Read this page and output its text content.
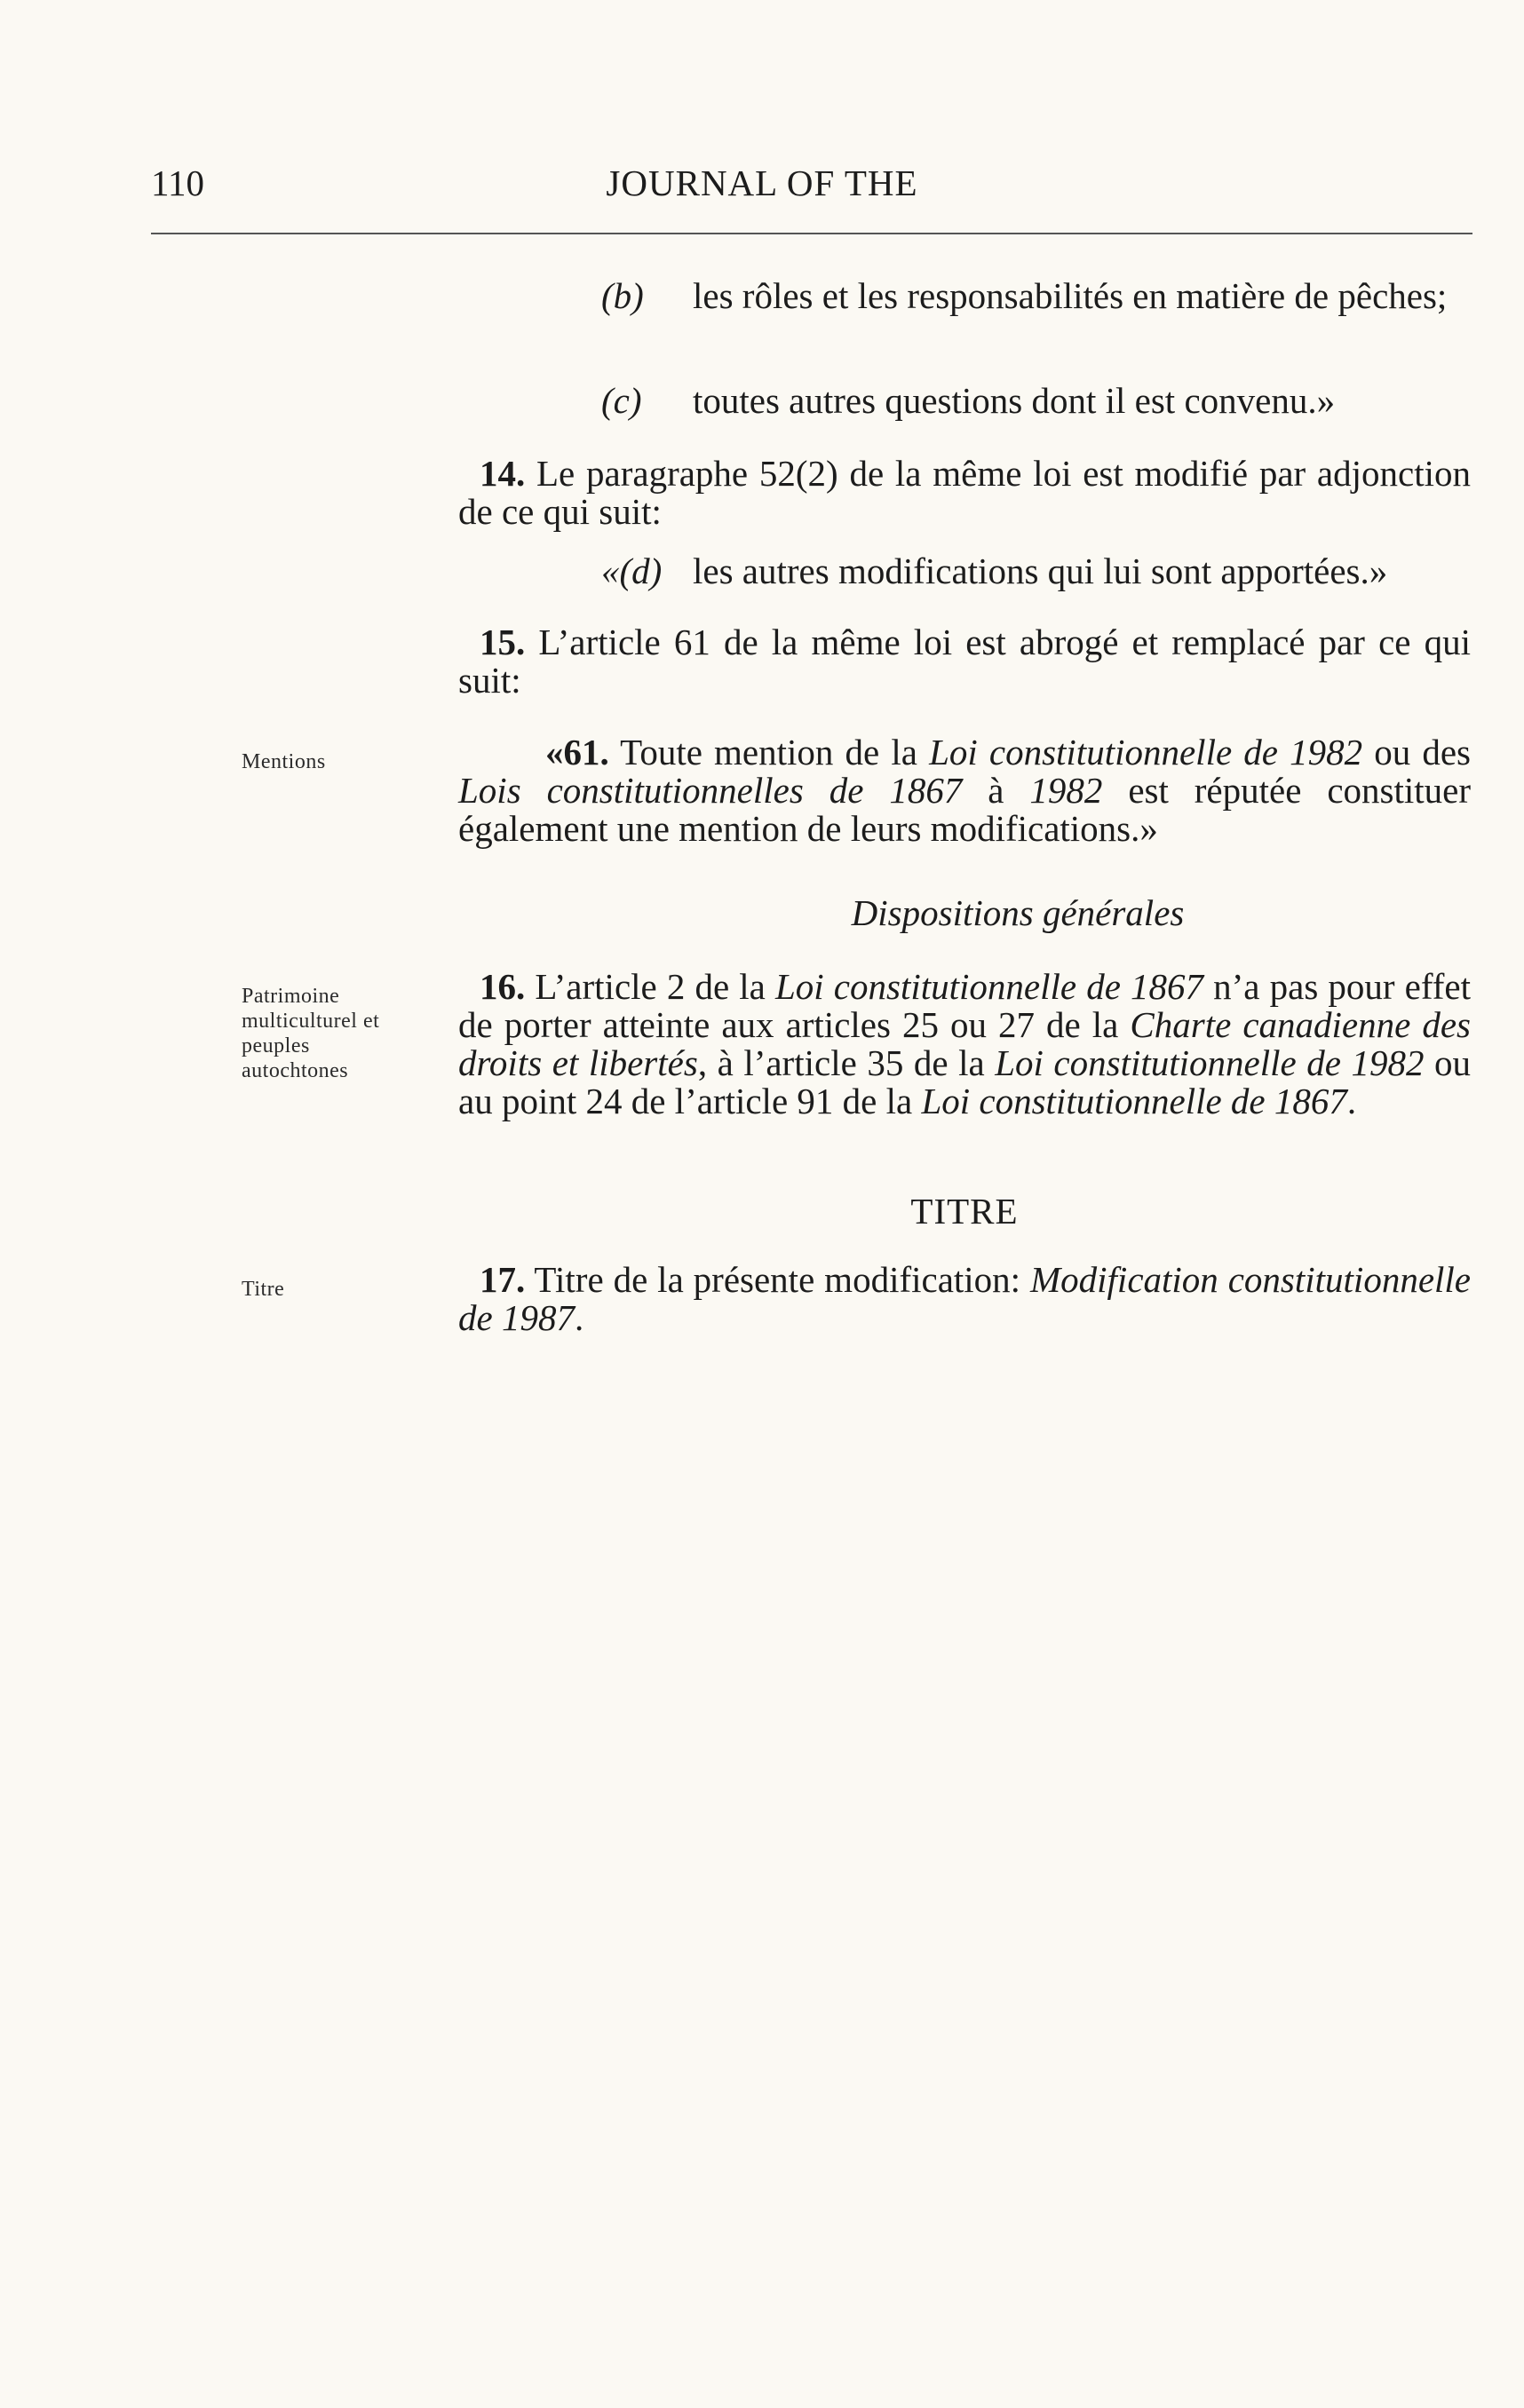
110	JOURNAL OF THE
(b) les rôles et les responsabilités en matière de pêches;
(c) toutes autres questions dont il est convenu.»
14. Le paragraphe 52(2) de la même loi est modifié par adjonction de ce qui suit:
«(d) les autres modifications qui lui sont apportées.»
15. L’article 61 de la même loi est abrogé et remplacé par ce qui suit:
Mentions	«61. Toute mention de la Loi constitutionnelle de 1982 ou des Lois constitutionnelles de 1867 à 1982 est réputée constituer également une mention de leurs modifications.»
Dispositions générales
Patrimoine multiculturel et peuples autochtones
16. L’article 2 de la Loi constitutionnelle de 1867 n’a pas pour effet de porter atteinte aux articles 25 ou 27 de la Charte canadienne des droits et libertés, à l’article 35 de la Loi constitutionnelle de 1982 ou au point 24 de l’article 91 de la Loi constitutionnelle de 1867.
TITRE
Titre	17. Titre de la présente modification: Modification constitutionnelle de 1987.
